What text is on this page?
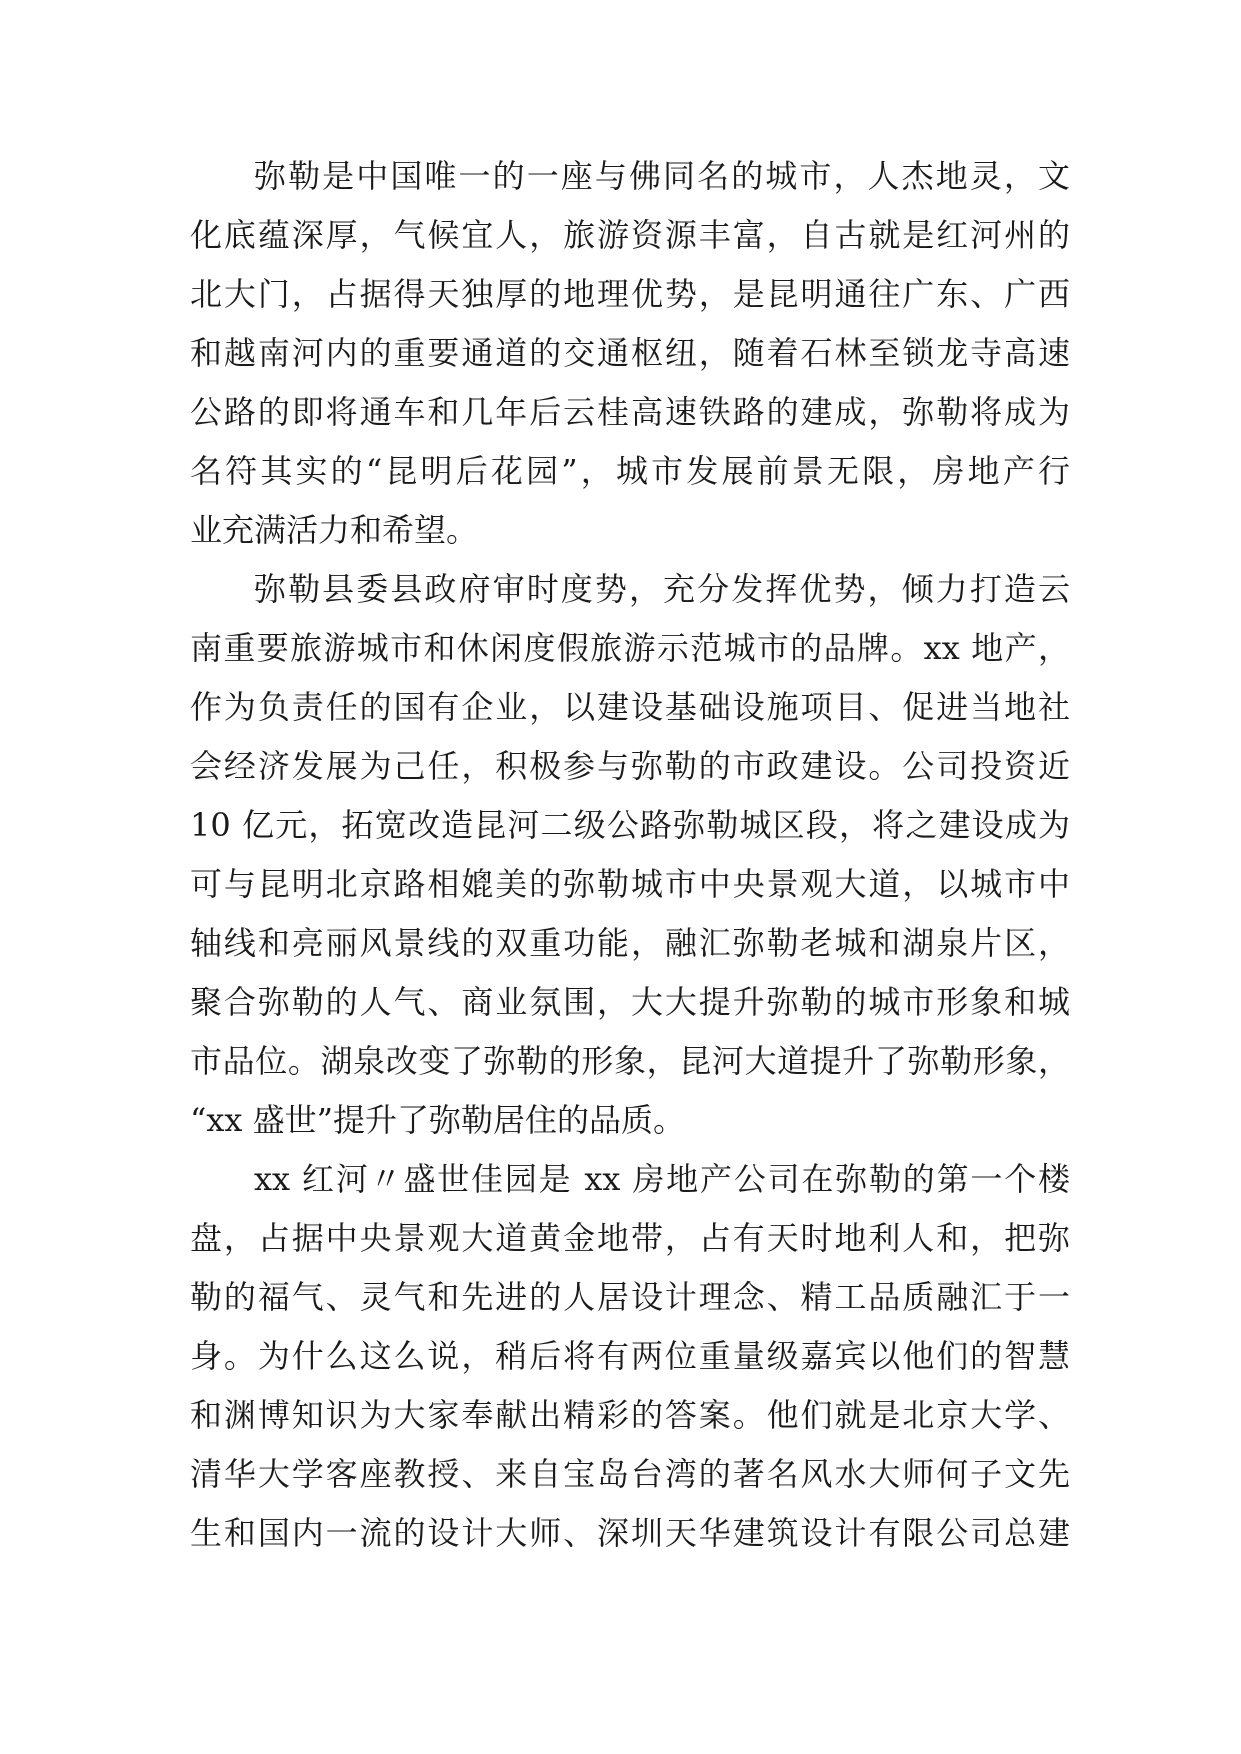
弥勒是中国唯一的一座与佛同名的城市，人杰地灵，文
化底蕴深厚，气候宜人，旅游资源丰富，自古就是红河州的
北大门，占据得天独厚的地理优势，是昆明通往广东、广西
和越南河内的重要通道的交通枢纽，随着石林至锁龙寺高速
公路的即将通车和几年后云桂高速铁路的建成，弥勒将成为
名符其实的“昆明后花园”，城市发展前景无限，房地产行
业充满活力和希望。
弥勒县委县政府审时度势，充分发挥优势，倾力打造云
南重要旅游城市和休闲度假旅游示范城市的品牌。xx 地产，
作为负责任的国有企业，以建设基础设施项目、促进当地社
会经济发展为己任，积极参与弥勒的市政建设。公司投资近
10 亿元，拓宽改造昆河二级公路弥勒城区段，将之建设成为
可与昆明北京路相媲美的弥勒城市中央景观大道，以城市中
轴线和亮丽风景线的双重功能，融汇弥勒老城和湖泉片区，
聚合弥勒的人气、商业氛围，大大提升弥勒的城市形象和城
市品位。湖泉改变了弥勒的形象，昆河大道提升了弥勒形象，
“xx 盛世”提升了弥勒居住的品质。
xx 红河〃盛世佳园是 xx 房地产公司在弥勒的第一个楼
盘，占据中央景观大道黄金地带，占有天时地利人和，把弥
勒的福气、灵气和先进的人居设计理念、精工品质融汇于一
身。为什么这么说，稍后将有两位重量级嘉宾以他们的智慧
和渊博知识为大家奉献出精彩的答案。他们就是北京大学、
清华大学客座教授、来自宝岛台湾的著名风水大师何子文先
生和国内一流的设计大师、深圳天华建筑设计有限公司总建
